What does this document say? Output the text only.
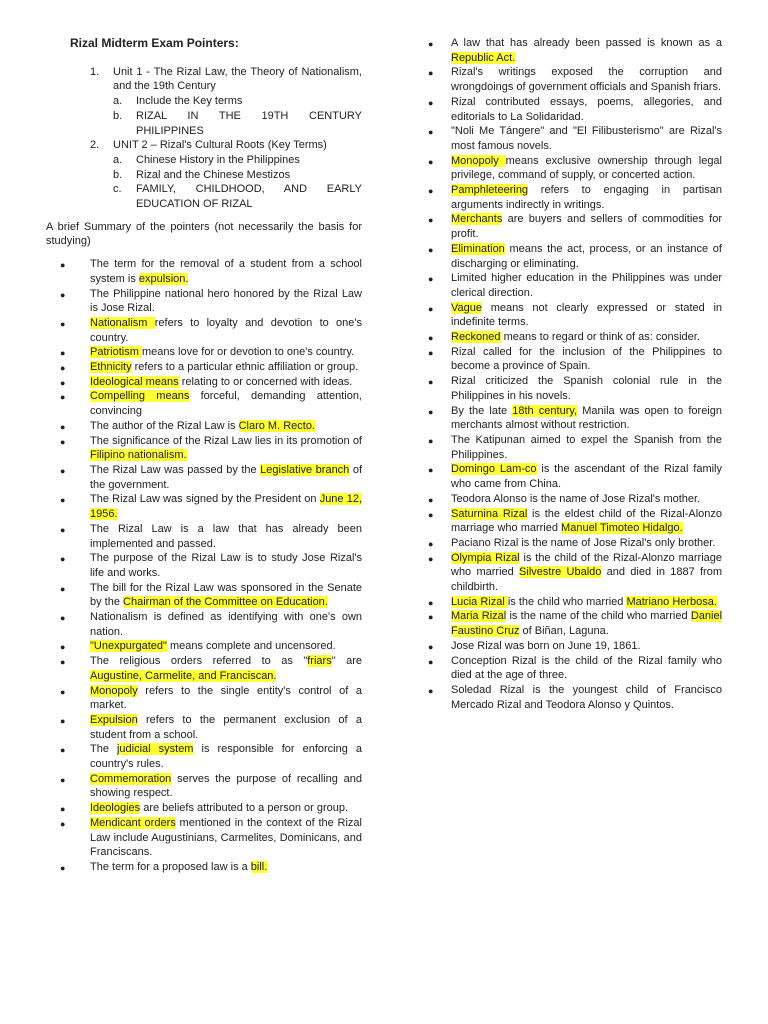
Rizal Midterm Exam Pointers:
1. Unit 1 - The Rizal Law, the Theory of Nationalism, and the 19th Century
a. Include the Key terms
b. RIZAL IN THE 19TH CENTURY PHILIPPINES
2. UNIT 2 – Rizal's Cultural Roots (Key Terms)
a. Chinese History in the Philippines
b. Rizal and the Chinese Mestizos
c. FAMILY, CHILDHOOD, AND EARLY EDUCATION OF RIZAL

A brief Summary of the pointers (not necessarily the basis for studying)

● The term for the removal of a student from a school system is expulsion.
● The Philippine national hero honored by the Rizal Law is Jose Rizal.
● Nationalism refers to loyalty and devotion to one's country.
● Patriotism means love for or devotion to one's country.
● Ethnicity refers to a particular ethnic affiliation or group.
● Ideological means relating to or concerned with ideas.
● Compelling means forceful, demanding attention, convincing
● The author of the Rizal Law is Claro M. Recto.
● The significance of the Rizal Law lies in its promotion of Filipino nationalism.
● The Rizal Law was passed by the Legislative branch of the government.
● The Rizal Law was signed by the President on June 12, 1956.
● The Rizal Law is a law that has already been implemented and passed.
● The purpose of the Rizal Law is to study Jose Rizal's life and works.
● The bill for the Rizal Law was sponsored in the Senate by the Chairman of the Committee on Education.
● Nationalism is defined as identifying with one's own nation.
● "Unexpurgated" means complete and uncensored.
● The religious orders referred to as "friars" are Augustine, Carmelite, and Franciscan.
● Monopoly refers to the single entity's control of a market.
● Expulsion refers to the permanent exclusion of a student from a school.
● The judicial system is responsible for enforcing a country's rules.
● Commemoration serves the purpose of recalling and showing respect.
● Ideologies are beliefs attributed to a person or group.
● Mendicant orders mentioned in the context of the Rizal Law include Augustinians, Carmelites, Dominicans, and Franciscans.
● The term for a proposed law is a bill.
● A law that has already been passed is known as a Republic Act.
● Rizal's writings exposed the corruption and wrongdoings of government officials and Spanish friars.
● Rizal contributed essays, poems, allegories, and editorials to La Solidaridad.
● "Noli Me Tángere" and "El Filibusterismo" are Rizal's most famous novels.
● Monopoly means exclusive ownership through legal privilege, command of supply, or concerted action.
● Pamphleteering refers to engaging in partisan arguments indirectly in writings.
● Merchants are buyers and sellers of commodities for profit.
● Elimination means the act, process, or an instance of discharging or eliminating.
● Limited higher education in the Philippines was under clerical direction.
● Vague means not clearly expressed or stated in indefinite terms.
● Reckoned means to regard or think of as: consider.
● Rizal called for the inclusion of the Philippines to become a province of Spain.
● Rizal criticized the Spanish colonial rule in the Philippines in his novels.
● By the late 18th century, Manila was open to foreign merchants almost without restriction.
● The Katipunan aimed to expel the Spanish from the Philippines.
● Domingo Lam-co is the ascendant of the Rizal family who came from China.
● Teodora Alonso is the name of Jose Rizal's mother.
● Saturnina Rizal is the eldest child of the Rizal-Alonzo marriage who married Manuel Timoteo Hidalgo.
● Paciano Rizal is the name of Jose Rizal's only brother.
● Olympia Rizal is the child of the Rizal-Alonzo marriage who married Silvestre Ubaldo and died in 1887 from childbirth.
● Lucia Rizal is the child who married Matriano Herbosa.
● Maria Rizal is the name of the child who married Daniel Faustino Cruz of Biñan, Laguna.
● Jose Rizal was born on June 19, 1861.
● Conception Rizal is the child of the Rizal family who died at the age of three.
● Soledad Rizal is the youngest child of Francisco Mercado Rizal and Teodora Alonso y Quintos.
